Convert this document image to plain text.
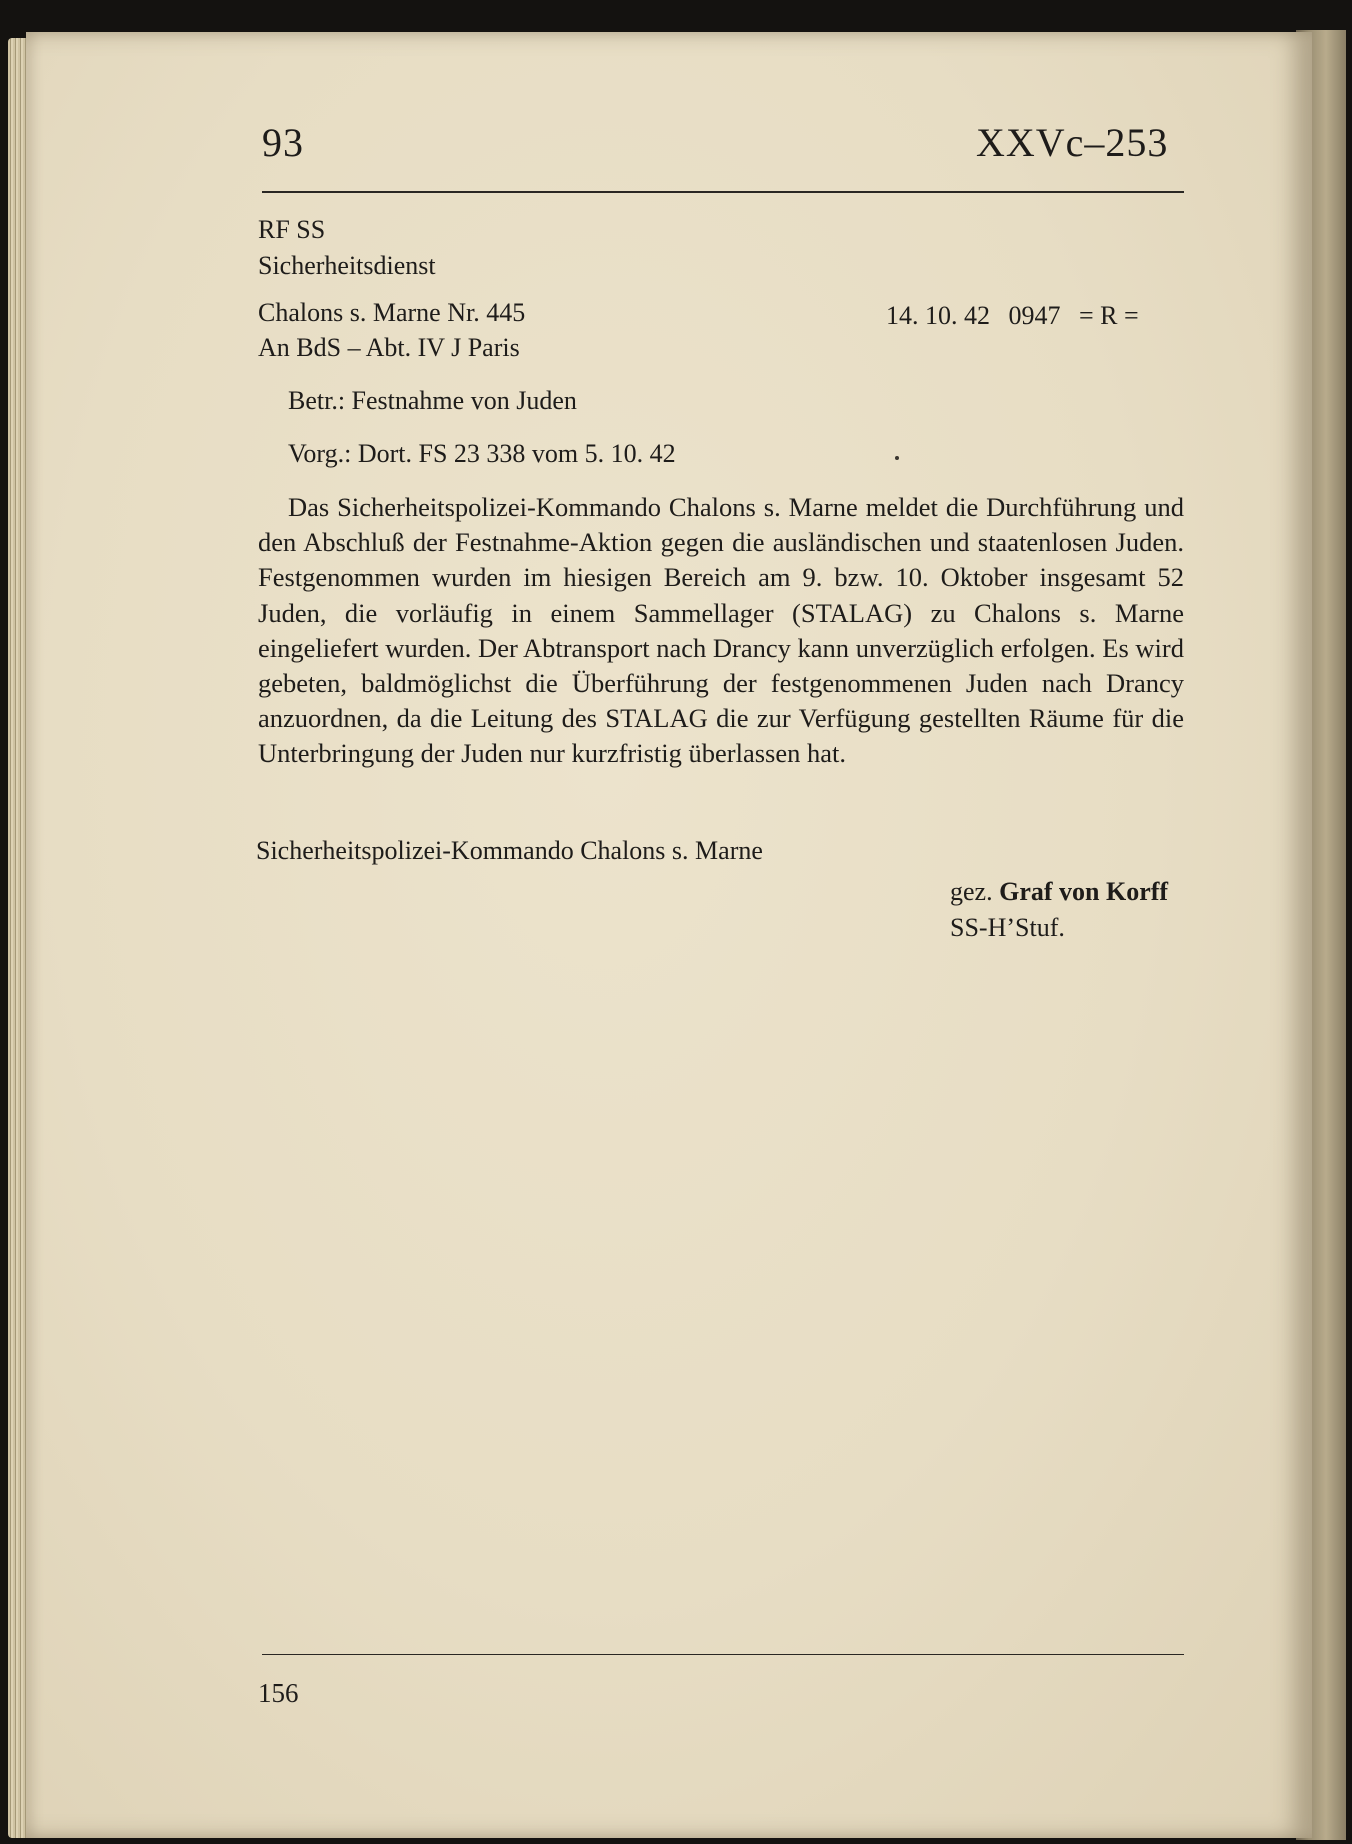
93	XXVc–253
RF SS
Sicherheitsdienst
Chalons s. Marne Nr. 445
An BdS – Abt. IV J Paris
14. 10. 42 0947 = R =
Betr.: Festnahme von Juden
Vorg.: Dort. FS 23 338 vom 5. 10. 42
Das Sicherheitspolizei-Kommando Chalons s. Marne meldet die Durchführung und den Abschluß der Festnahme-Aktion gegen die ausländischen und staatenlosen Juden. Festgenommen wurden im hiesigen Bereich am 9. bzw. 10. Oktober insgesamt 52 Juden, die vorläufig in einem Sammellager (STALAG) zu Chalons s. Marne eingeliefert wurden. Der Abtransport nach Drancy kann unverzüglich erfolgen. Es wird gebeten, baldmöglichst die Überführung der festgenommenen Juden nach Drancy anzuordnen, da die Leitung des STALAG die zur Verfügung gestellten Räume für die Unterbringung der Juden nur kurzfristig überlassen hat.
Sicherheitspolizei-Kommando Chalons s. Marne
gez. Graf von Korff
SS-H’Stuf.
156
